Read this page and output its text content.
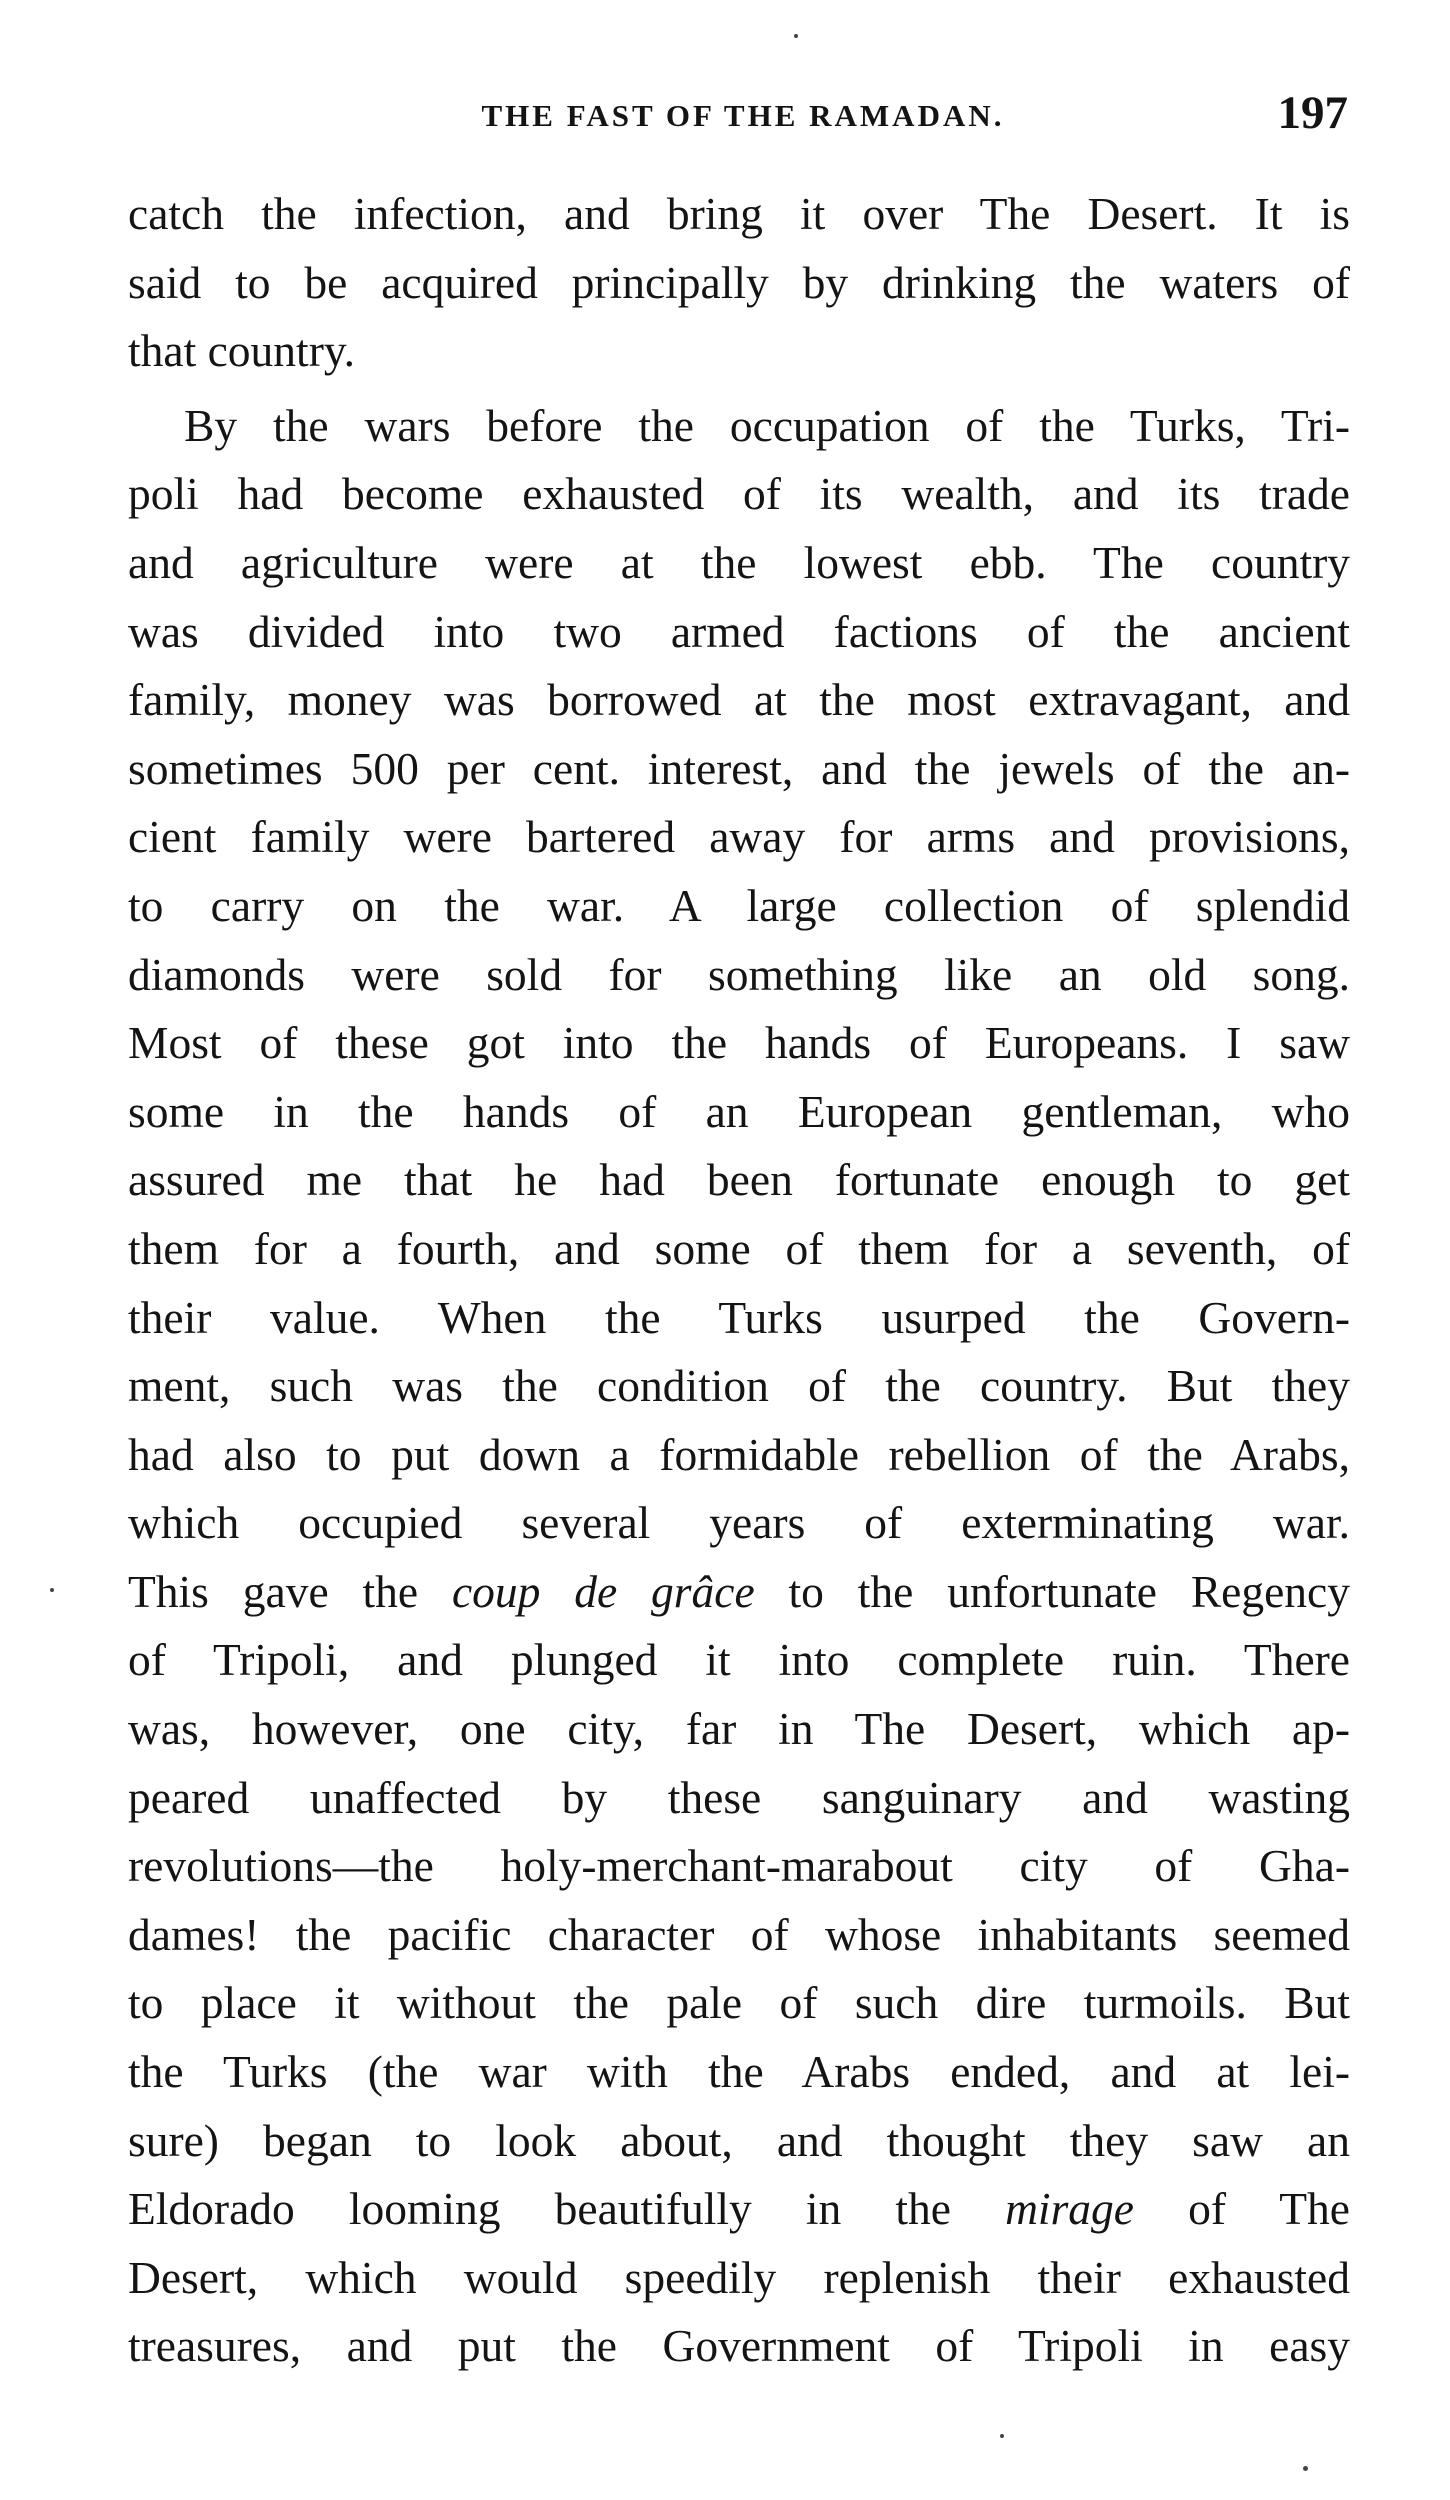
THE FAST OF THE RAMADAN.	197
catch the infection, and bring it over The Desert. It is
said to be acquired principally by drinking the waters of
that country.
By the wars before the occupation of the Turks, Tri-
poli had become exhausted of its wealth, and its trade
and agriculture were at the lowest ebb. The country
was divided into two armed factions of the ancient
family, money was borrowed at the most extravagant, and
sometimes 500 per cent. interest, and the jewels of the an-
cient family were bartered away for arms and provisions,
to carry on the war. A large collection of splendid
diamonds were sold for something like an old song.
Most of these got into the hands of Europeans. I saw
some in the hands of an European gentleman, who
assured me that he had been fortunate enough to get
them for a fourth, and some of them for a seventh, of
their value. When the Turks usurped the Govern-
ment, such was the condition of the country. But they
had also to put down a formidable rebellion of the Arabs,
which occupied several years of exterminating war.
This gave the coup de grâce to the unfortunate Regency
of Tripoli, and plunged it into complete ruin. There
was, however, one city, far in The Desert, which ap-
peared unaffected by these sanguinary and wasting
revolutions—the holy-merchant-marabout city of Gha-
dames! the pacific character of whose inhabitants seemed
to place it without the pale of such dire turmoils. But
the Turks (the war with the Arabs ended, and at lei-
sure) began to look about, and thought they saw an
Eldorado looming beautifully in the mirage of The
Desert, which would speedily replenish their exhausted
treasures, and put the Government of Tripoli in easy
